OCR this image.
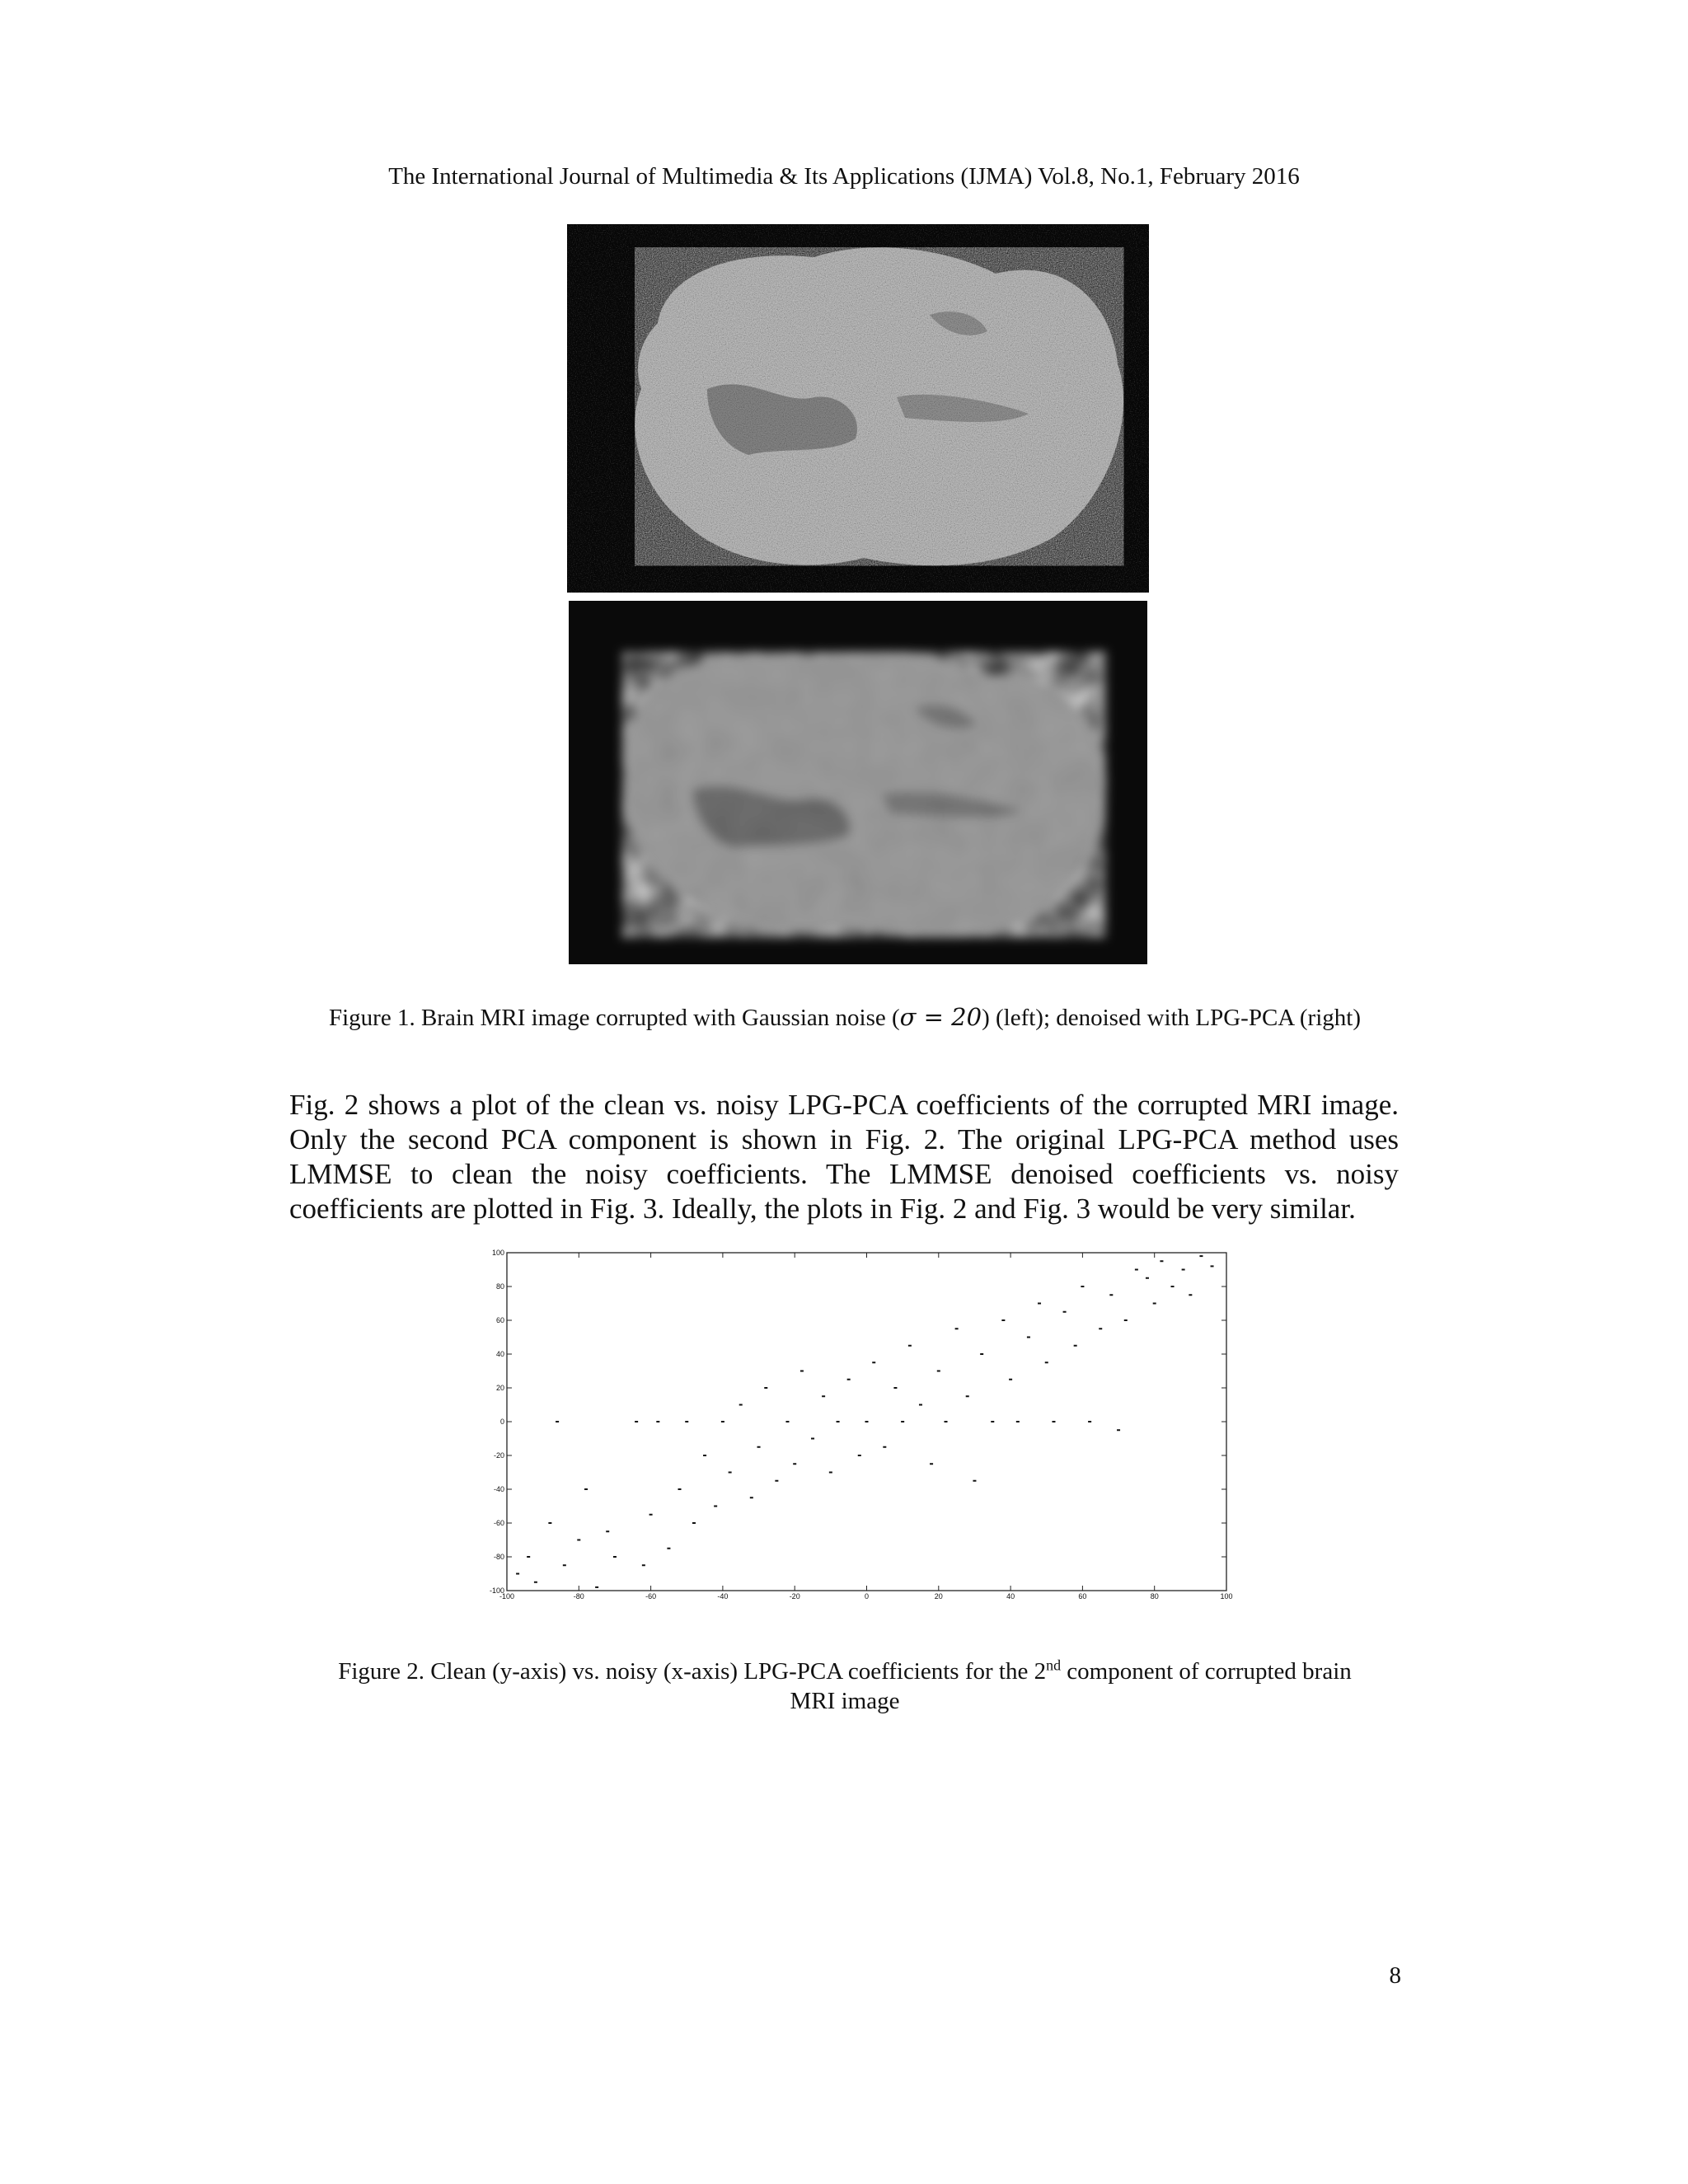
The International Journal of Multimedia & Its Applications (IJMA) Vol.8, No.1, February 2016
Figure 1. Brain MRI image corrupted with Gaussian noise (σ = 20) (left); denoised with LPG-PCA (right)

Fig. 2 shows a plot of the clean vs. noisy LPG-PCA coefficients of the corrupted MRI image. Only the second PCA component is shown in Fig. 2. The original LPG-PCA method uses LMMSE to clean the noisy coefficients. The LMMSE denoised coefficients vs. noisy coefficients are plotted in Fig. 3. Ideally, the plots in Fig. 2 and Fig. 3 would be very similar.

-100	-80	-60	-40	-20	0	20	40	60	80	100
-100
-80
-60
-40
-20
0
20
40
60
80
100
Figure 2. Clean (y-axis) vs. noisy (x-axis) LPG-PCA coefficients for the 2nd component of corrupted brain MRI image
8
